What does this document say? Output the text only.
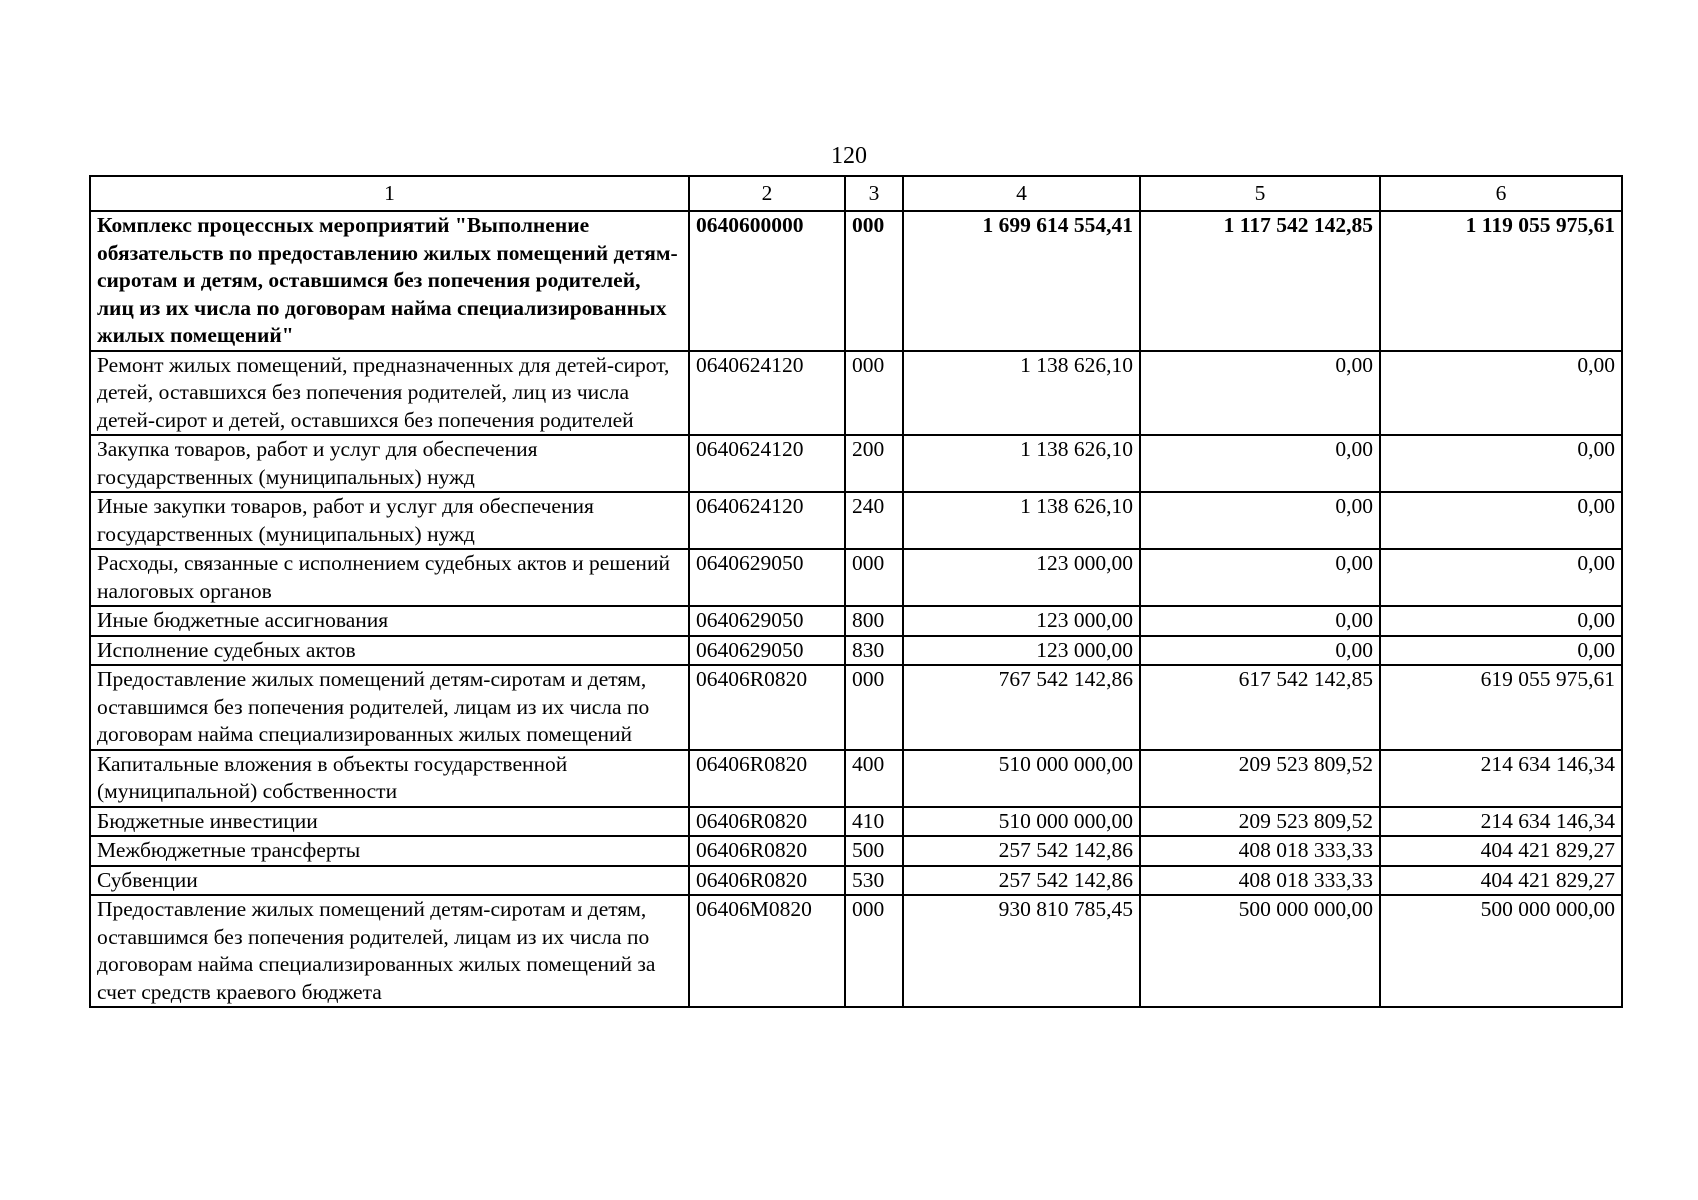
120
1	2	3	4	5	6
Комплекс процессных мероприятий "Выполнение обязательств по предоставлению жилых помещений детям-сиротам и детям, оставшимся без попечения родителей, лиц из их числа по договорам найма специализированных жилых помещений"	0640600000	000	1 699 614 554,41	1 117 542 142,85	1 119 055 975,61
Ремонт жилых помещений, предназначенных для детей-сирот, детей, оставшихся без попечения родителей, лиц из числа детей-сирот и детей, оставшихся без попечения родителей	0640624120	000	1 138 626,10	0,00	0,00
Закупка товаров, работ и услуг для обеспечения государственных (муниципальных) нужд	0640624120	200	1 138 626,10	0,00	0,00
Иные закупки товаров, работ и услуг для обеспечения государственных (муниципальных) нужд	0640624120	240	1 138 626,10	0,00	0,00
Расходы, связанные с исполнением судебных актов и решений налоговых органов	0640629050	000	123 000,00	0,00	0,00
Иные бюджетные ассигнования	0640629050	800	123 000,00	0,00	0,00
Исполнение судебных актов	0640629050	830	123 000,00	0,00	0,00
Предоставление жилых помещений детям-сиротам и детям, оставшимся без попечения родителей, лицам из их числа по договорам найма специализированных жилых помещений	06406R0820	000	767 542 142,86	617 542 142,85	619 055 975,61
Капитальные вложения в объекты государственной (муниципальной) собственности	06406R0820	400	510 000 000,00	209 523 809,52	214 634 146,34
Бюджетные инвестиции	06406R0820	410	510 000 000,00	209 523 809,52	214 634 146,34
Межбюджетные трансферты	06406R0820	500	257 542 142,86	408 018 333,33	404 421 829,27
Субвенции	06406R0820	530	257 542 142,86	408 018 333,33	404 421 829,27
Предоставление жилых помещений детям-сиротам и детям, оставшимся без попечения родителей, лицам из их числа по договорам найма специализированных жилых помещений за счет средств краевого бюджета	06406M0820	000	930 810 785,45	500 000 000,00	500 000 000,00
